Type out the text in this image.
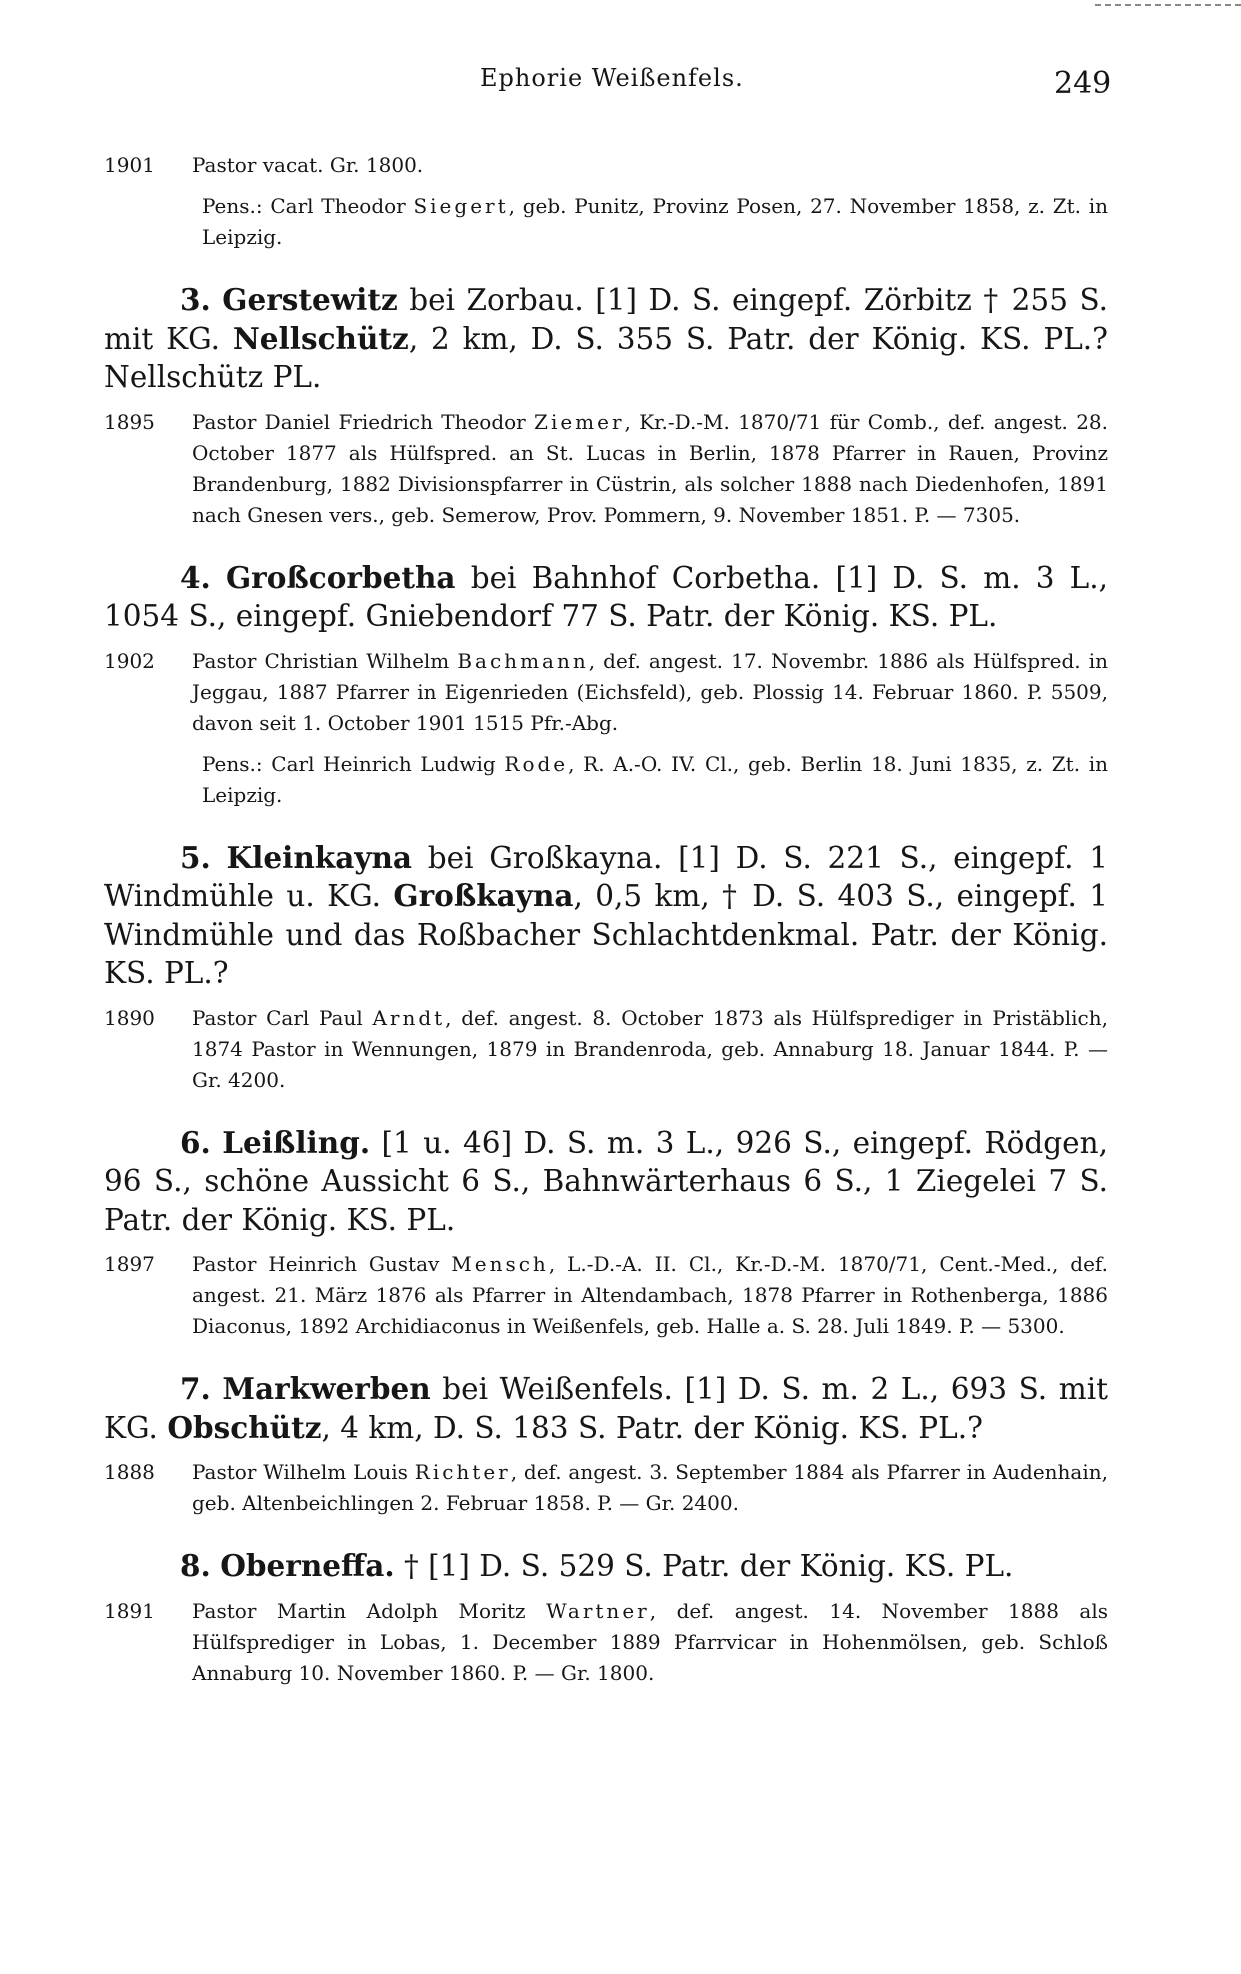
Ephorie Weißenfels.	249
1901	Pastor vacat. Gr. 1800.
Pens.: Carl Theodor Siegert, geb. Punitz, Provinz Posen, 27. November 1858, z. Zt. in Leipzig.
3. Gerstewitz bei Zorbau. [1] D. S. eingepf. Zörbitz † 255 S. mit KG. Nellschütz, 2 km, D. S. 355 S. Patr. der König. KS. PL.? Nellschütz PL.
1895	Pastor Daniel Friedrich Theodor Ziemer, Kr.-D.-M. 1870/71 für Comb., def. angest. 28. October 1877 als Hülfspred. an St. Lucas in Berlin, 1878 Pfarrer in Rauen, Provinz Brandenburg, 1882 Divisionspfarrer in Cüstrin, als solcher 1888 nach Diedenhofen, 1891 nach Gnesen vers., geb. Semerow, Prov. Pommern, 9. November 1851. P. — 7305.
4. Großcorbetha bei Bahnhof Corbetha. [1] D. S. m. 3 L., 1054 S., eingepf. Gniebendorf 77 S. Patr. der König. KS. PL.
1902	Pastor Christian Wilhelm Bachmann, def. angest. 17. Novembr. 1886 als Hülfspred. in Jeggau, 1887 Pfarrer in Eigenrieden (Eichsfeld), geb. Plossig 14. Februar 1860. P. 5509, davon seit 1. October 1901 1515 Pfr.-Abg.
Pens.: Carl Heinrich Ludwig Rode, R. A.-O. IV. Cl., geb. Berlin 18. Juni 1835, z. Zt. in Leipzig.
5. Kleinkayna bei Großkayna. [1] D. S. 221 S., eingepf. 1 Windmühle u. KG. Großkayna, 0,5 km, † D. S. 403 S., eingepf. 1 Windmühle und das Roßbacher Schlachtdenkmal. Patr. der König. KS. PL.?
1890	Pastor Carl Paul Arndt, def. angest. 8. October 1873 als Hülfsprediger in Pristäblich, 1874 Pastor in Wennungen, 1879 in Brandenroda, geb. Annaburg 18. Januar 1844. P. — Gr. 4200.
6. Leißling. [1 u. 46] D. S. m. 3 L., 926 S., eingepf. Rödgen, 96 S., schöne Aussicht 6 S., Bahnwärterhaus 6 S., 1 Ziegelei 7 S. Patr. der König. KS. PL.
1897	Pastor Heinrich Gustav Mensch, L.-D.-A. II. Cl., Kr.-D.-M. 1870/71, Cent.-Med., def. angest. 21. März 1876 als Pfarrer in Altendambach, 1878 Pfarrer in Rothenberga, 1886 Diaconus, 1892 Archidiaconus in Weißenfels, geb. Halle a. S. 28. Juli 1849. P. — 5300.
7. Markwerben bei Weißenfels. [1] D. S. m. 2 L., 693 S. mit KG. Obschütz, 4 km, D. S. 183 S. Patr. der König. KS. PL.?
1888	Pastor Wilhelm Louis Richter, def. angest. 3. September 1884 als Pfarrer in Audenhain, geb. Altenbeichlingen 2. Februar 1858. P. — Gr. 2400.
8. Oberneffa. † [1] D. S. 529 S. Patr. der König. KS. PL.
1891	Pastor Martin Adolph Moritz Wartner, def. angest. 14. November 1888 als Hülfsprediger in Lobas, 1. December 1889 Pfarrvicar in Hohenmölsen, geb. Schloß Annaburg 10. November 1860. P. — Gr. 1800.
